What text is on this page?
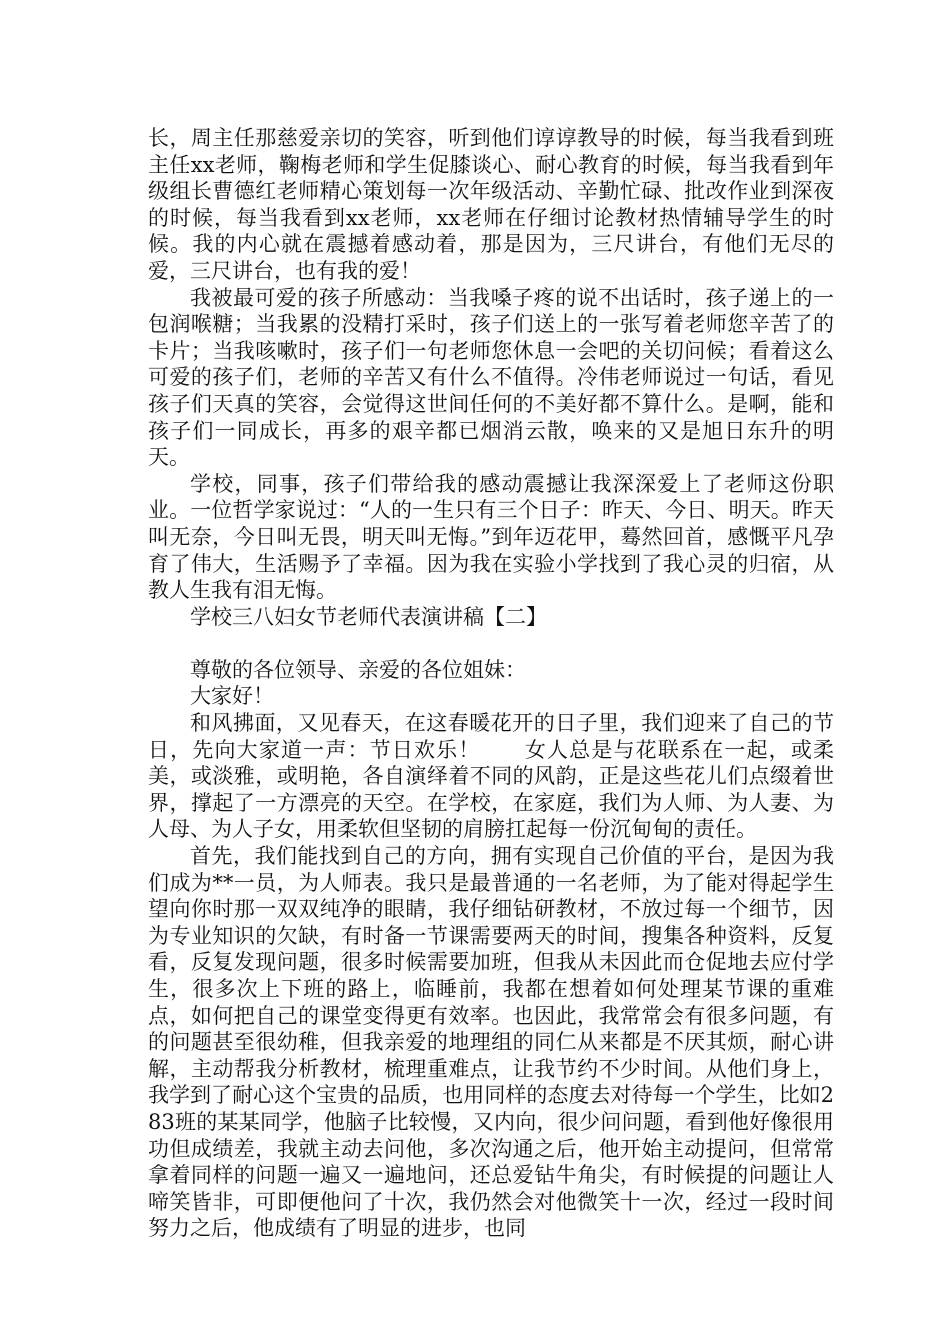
长，周主任那慈爱亲切的笑容，听到他们谆谆教导的时候，每当我看到班主任xx老师，鞠梅老师和学生促膝谈心、耐心教育的时候，每当我看到年级组长曹德红老师精心策划每一次年级活动、辛勤忙碌、批改作业到深夜的时候，每当我看到xx老师，xx老师在仔细讨论教材热情辅导学生的时候。我的内心就在震撼着感动着，那是因为，三尺讲台，有他们无尽的爱，三尺讲台，也有我的爱！

我被最可爱的孩子所感动：当我嗓子疼的说不出话时，孩子递上的一包润喉糖；当我累的没精打采时，孩子们送上的一张写着老师您辛苦了的卡片；当我咳嗽时，孩子们一句老师您休息一会吧的关切问候；看着这么可爱的孩子们，老师的辛苦又有什么不值得。冷伟老师说过一句话，看见孩子们天真的笑容，会觉得这世间任何的不美好都不算什么。是啊，能和孩子们一同成长，再多的艰辛都已烟消云散，唤来的又是旭日东升的明天。

学校，同事，孩子们带给我的感动震撼让我深深爱上了老师这份职业。一位哲学家说过：“人的一生只有三个日子：昨天、今日、明天。昨天叫无奈，今日叫无畏，明天叫无悔。”到年迈花甲，蓦然回首，感慨平凡孕育了伟大，生活赐予了幸福。因为我在实验小学找到了我心灵的归宿，从教人生我有泪无悔。

学校三八妇女节老师代表演讲稿【二】

尊敬的各位领导、亲爱的各位姐妹：

大家好！

和风拂面，又见春天，在这春暖花开的日子里，我们迎来了自己的节日，先向大家道一声：节日欢乐！　　女人总是与花联系在一起，或柔美，或淡雅，或明艳，各自演绎着不同的风韵，正是这些花儿们点缀着世界，撑起了一方漂亮的天空。在学校，在家庭，我们为人师、为人妻、为人母、为人子女，用柔软但坚韧的肩膀扛起每一份沉甸甸的责任。

首先，我们能找到自己的方向，拥有实现自己价值的平台，是因为我们成为**一员，为人师表。我只是最普通的一名老师，为了能对得起学生望向你时那一双双纯净的眼睛，我仔细钻研教材，不放过每一个细节，因为专业知识的欠缺，有时备一节课需要两天的时间，搜集各种资料，反复看，反复发现问题，很多时候需要加班，但我从未因此而仓促地去应付学生，很多次上下班的路上，临睡前，我都在想着如何处理某节课的重难点，如何把自己的课堂变得更有效率。也因此，我常常会有很多问题，有的问题甚至很幼稚，但我亲爱的地理组的同仁从来都是不厌其烦，耐心讲解，主动帮我分析教材，梳理重难点，让我节约不少时间。从他们身上，我学到了耐心这个宝贵的品质，也用同样的态度去对待每一个学生，比如283班的某某同学，他脑子比较慢，又内向，很少问问题，看到他好像很用功但成绩差，我就主动去问他，多次沟通之后，他开始主动提问，但常常拿着同样的问题一遍又一遍地问，还总爱钻牛角尖，有时候提的问题让人啼笑皆非，可即便他问了十次，我仍然会对他微笑十一次，经过一段时间努力之后，他成绩有了明显的进步，也同
